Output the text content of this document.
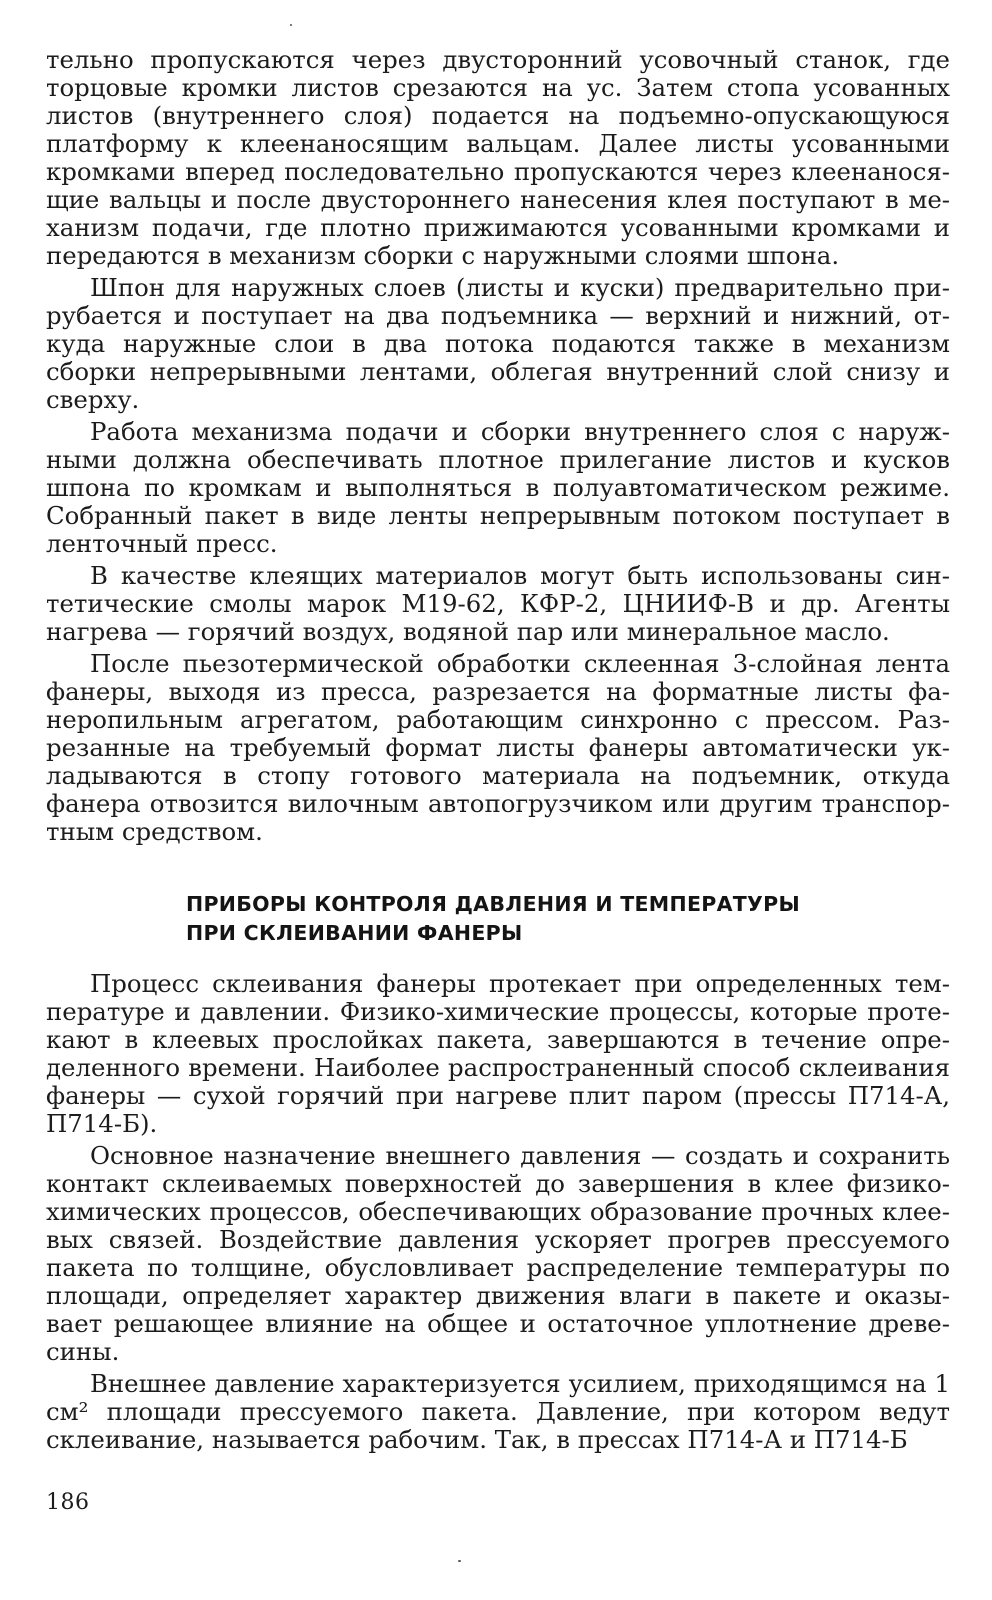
тельно пропускаются через двусторонний усовочный станок, где торцовые кромки листов срезаются на ус. Затем стопа усованных листов (внутреннего слоя) подается на подъемно-опускающуюся платформу к клеенаносящим вальцам. Далее листы усованными кромками вперед последовательно пропускаются через клеенаносящие вальцы и после двустороннего нанесения клея поступают в механизм подачи, где плотно прижимаются усованными кромками и передаются в механизм сборки с наружными слоями шпона.

Шпон для наружных слоев (листы и куски) предварительно прирубается и поступает на два подъемника — верхний и нижний, откуда наружные слои в два потока подаются также в механизм сборки непрерывными лентами, облегая внутренний слой снизу и сверху.

Работа механизма подачи и сборки внутреннего слоя с наружными должна обеспечивать плотное прилегание листов и кусков шпона по кромкам и выполняться в полуавтоматическом режиме. Собранный пакет в виде ленты непрерывным потоком поступает в ленточный пресс.

В качестве клеящих материалов могут быть использованы синтетические смолы марок М19-62, КФР-2, ЦНИИФ-В и др. Агенты нагрева — горячий воздух, водяной пар или минеральное масло.

После пьезотермической обработки склеенная 3-слойная лента фанеры, выходя из пресса, разрезается на форматные листы фанеропильным агрегатом, работающим синхронно с прессом. Разрезанные на требуемый формат листы фанеры автоматически укладываются в стопу готового материала на подъемник, откуда фанера отвозится вилочным автопогрузчиком или другим транспортным средством.

ПРИБОРЫ КОНТРОЛЯ ДАВЛЕНИЯ И ТЕМПЕРАТУРЫ
ПРИ СКЛЕИВАНИИ ФАНЕРЫ

Процесс склеивания фанеры протекает при определенных температуре и давлении. Физико-химические процессы, которые протекают в клеевых прослойках пакета, завершаются в течение определенного времени. Наиболее распространенный способ склеивания фанеры — сухой горячий при нагреве плит паром (прессы П714-А, П714-Б).

Основное назначение внешнего давления — создать и сохранить контакт склеиваемых поверхностей до завершения в клее физикохимических процессов, обеспечивающих образование прочных клеевых связей. Воздействие давления ускоряет прогрев прессуемого пакета по толщине, обусловливает распределение температуры по площади, определяет характер движения влаги в пакете и оказывает решающее влияние на общее и остаточное уплотнение древесины.

Внешнее давление характеризуется усилием, приходящимся на 1 см² площади прессуемого пакета. Давление, при котором ведут склеивание, называется рабочим. Так, в прессах П714-А и П714-Б

186
